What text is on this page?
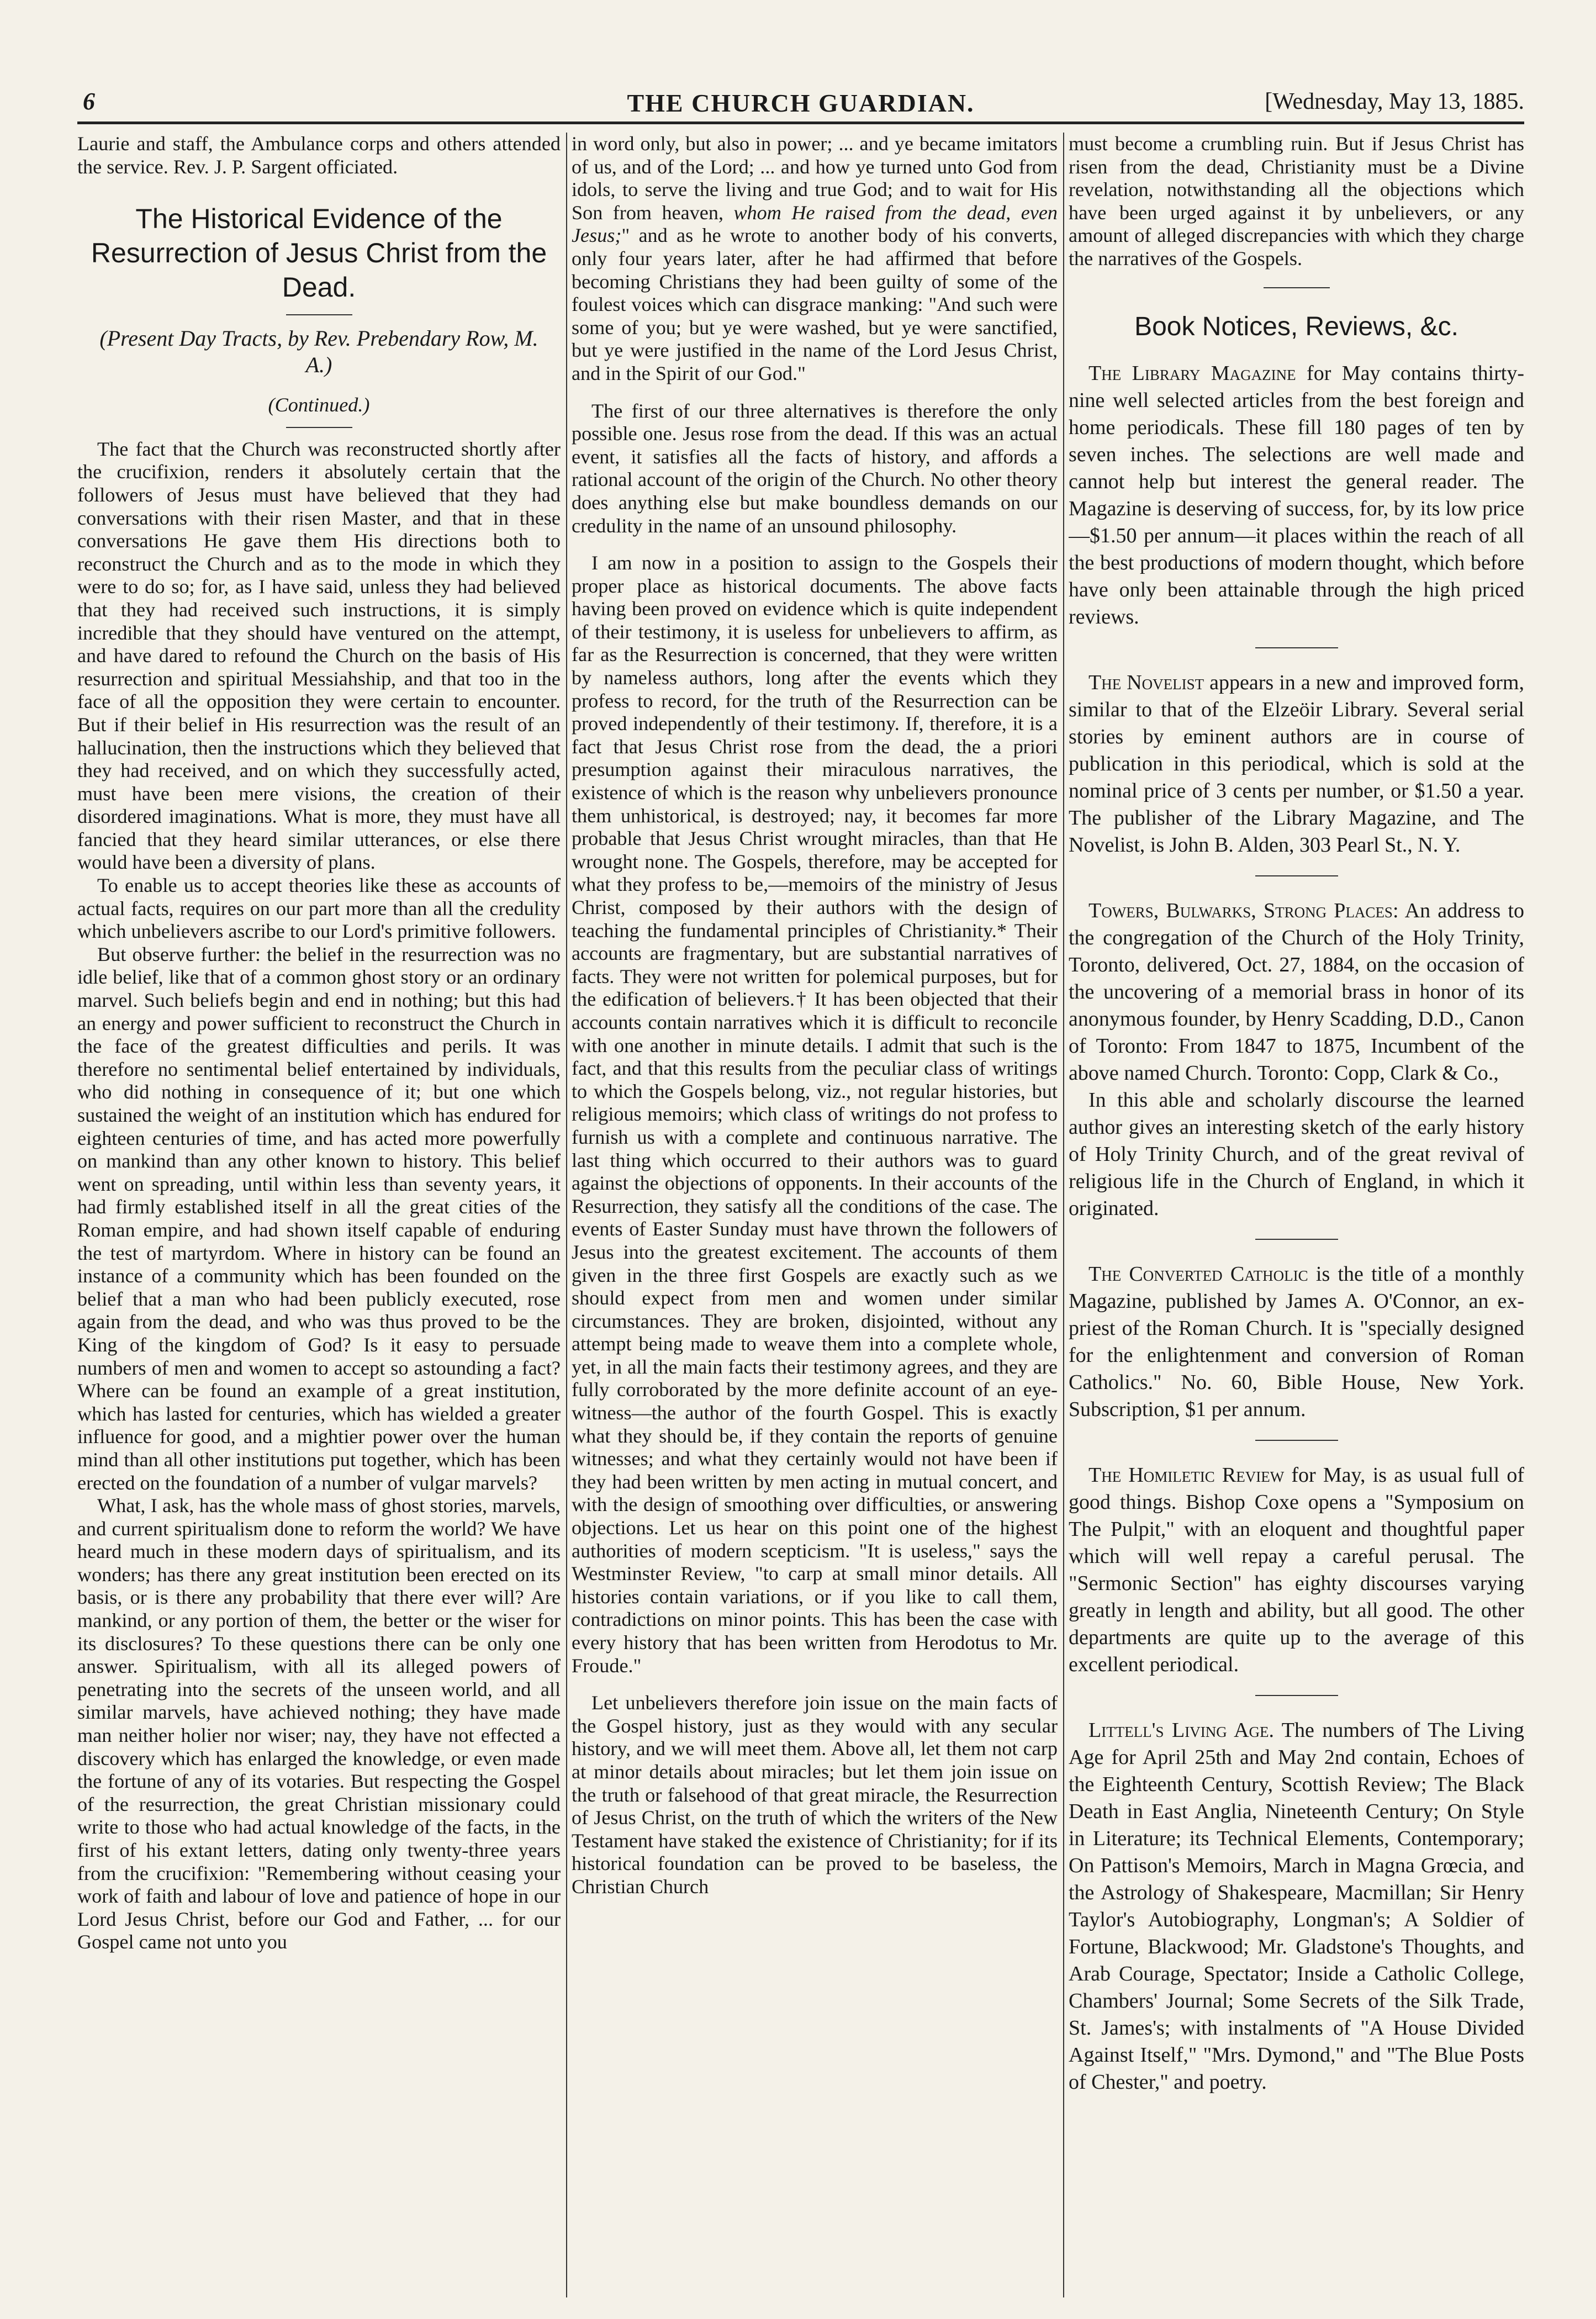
6	THE CHURCH GUARDIAN.	[Wednesday, May 13, 1885.

Laurie and staff, the Ambulance corps and others attended the service. Rev. J. P. Sargent officiated.

The Historical Evidence of the Resurrection of Jesus Christ from the Dead.
(Present Day Tracts, by Rev. Prebendary Row, M. A.)
(Continued.)

The fact that the Church was reconstructed shortly after the crucifixion, renders it absolutely certain that the followers of Jesus must have believed that they had conversations with their risen Master, and that in these conversations He gave them His directions both to reconstruct the Church and as to the mode in which they were to do so; for, as I have said, unless they had believed that they had received such instructions, it is simply incredible that they should have ventured on the attempt, and have dared to refound the Church on the basis of His resurrection and spiritual Messiahship, and that too in the face of all the opposition they were certain to encounter. But if their belief in His resurrection was the result of an hallucination, then the instructions which they believed that they had received, and on which they successfully acted, must have been mere visions, the creation of their disordered imaginations. What is more, they must have all fancied that they heard similar utterances, or else there would have been a diversity of plans.

To enable us to accept theories like these as accounts of actual facts, requires on our part more than all the credulity which unbelievers ascribe to our Lord's primitive followers.

But observe further: the belief in the resurrection was no idle belief, like that of a common ghost story or an ordinary marvel. Such beliefs begin and end in nothing; but this had an energy and power sufficient to reconstruct the Church in the face of the greatest difficulties and perils. It was therefore no sentimental belief entertained by individuals, who did nothing in consequence of it; but one which sustained the weight of an institution which has endured for eighteen centuries of time, and has acted more powerfully on mankind than any other known to history. This belief went on spreading, until within less than seventy years, it had firmly established itself in all the great cities of the Roman empire, and had shown itself capable of enduring the test of martyrdom. Where in history can be found an instance of a community which has been founded on the belief that a man who had been publicly executed, rose again from the dead, and who was thus proved to be the King of the kingdom of God? Is it easy to persuade numbers of men and women to accept so astounding a fact? Where can be found an example of a great institution, which has lasted for centuries, which has wielded a greater influence for good, and a mightier power over the human mind than all other institutions put together, which has been erected on the foundation of a number of vulgar marvels?

What, I ask, has the whole mass of ghost stories, marvels, and current spiritualism done to reform the world? We have heard much in these modern days of spiritualism, and its wonders; has there any great institution been erected on its basis, or is there any probability that there ever will? Are mankind, or any portion of them, the better or the wiser for its disclosures? To these questions there can be only one answer. Spiritualism, with all its alleged powers of penetrating into the secrets of the unseen world, and all similar marvels, have achieved nothing; they have made man neither holier nor wiser; nay, they have not effected a discovery which has enlarged the knowledge, or even made the fortune of any of its votaries. But respecting the Gospel of the resurrection, the great Christian missionary could write to those who had actual knowledge of the facts, in the first of his extant letters, dating only twenty-three years from the crucifixion: "Remembering without ceasing your work of faith and labour of love and patience of hope in our Lord Jesus Christ, before our God and Father, ... for our Gospel came not unto you

in word only, but also in power; ... and ye became imitators of us, and of the Lord; ... and how ye turned unto God from idols, to serve the living and true God; and to wait for His Son from heaven, whom He raised from the dead, even Jesus;" and as he wrote to another body of his converts, only four years later, after he had affirmed that before becoming Christians they had been guilty of some of the foulest voices which can disgrace manking: "And such were some of you; but ye were washed, but ye were sanctified, but ye were justified in the name of the Lord Jesus Christ, and in the Spirit of our God."

The first of our three alternatives is therefore the only possible one. Jesus rose from the dead. If this was an actual event, it satisfies all the facts of history, and affords a rational account of the origin of the Church. No other theory does anything else but make boundless demands on our credulity in the name of an unsound philosophy.

I am now in a position to assign to the Gospels their proper place as historical documents. The above facts having been proved on evidence which is quite independent of their testimony, it is useless for unbelievers to affirm, as far as the Resurrection is concerned, that they were written by nameless authors, long after the events which they profess to record, for the truth of the Resurrection can be proved independently of their testimony. If, therefore, it is a fact that Jesus Christ rose from the dead, the a priori presumption against their miraculous narratives, the existence of which is the reason why unbelievers pronounce them unhistorical, is destroyed; nay, it becomes far more probable that Jesus Christ wrought miracles, than that He wrought none. The Gospels, therefore, may be accepted for what they profess to be,—memoirs of the ministry of Jesus Christ, composed by their authors with the design of teaching the fundamental principles of Christianity.* Their accounts are fragmentary, but are substantial narratives of facts. They were not written for polemical purposes, but for the edification of believers.† It has been objected that their accounts contain narratives which it is difficult to reconcile with one another in minute details. I admit that such is the fact, and that this results from the peculiar class of writings to which the Gospels belong, viz., not regular histories, but religious memoirs; which class of writings do not profess to furnish us with a complete and continuous narrative. The last thing which occurred to their authors was to guard against the objections of opponents. In their accounts of the Resurrection, they satisfy all the conditions of the case. The events of Easter Sunday must have thrown the followers of Jesus into the greatest excitement. The accounts of them given in the three first Gospels are exactly such as we should expect from men and women under similar circumstances. They are broken, disjointed, without any attempt being made to weave them into a complete whole, yet, in all the main facts their testimony agrees, and they are fully corroborated by the more definite account of an eye-witness—the author of the fourth Gospel. This is exactly what they should be, if they contain the reports of genuine witnesses; and what they certainly would not have been if they had been written by men acting in mutual concert, and with the design of smoothing over difficulties, or answering objections. Let us hear on this point one of the highest authorities of modern scepticism. "It is useless," says the Westminster Review, "to carp at small minor details. All histories contain variations, or if you like to call them, contradictions on minor points. This has been the case with every history that has been written from Herodotus to Mr. Froude."

Let unbelievers therefore join issue on the main facts of the Gospel history, just as they would with any secular history, and we will meet them. Above all, let them not carp at minor details about miracles; but let them join issue on the truth or falsehood of that great miracle, the Resurrection of Jesus Christ, on the truth of which the writers of the New Testament have staked the existence of Christianity; for if its historical foundation can be proved to be baseless, the Christian Church

must become a crumbling ruin. But if Jesus Christ has risen from the dead, Christianity must be a Divine revelation, notwithstanding all the objections which have been urged against it by unbelievers, or any amount of alleged discrepancies with which they charge the narratives of the Gospels.

Book Notices, Reviews, &c.

The Library Magazine for May contains thirty-nine well selected articles from the best foreign and home periodicals. These fill 180 pages of ten by seven inches. The selections are well made and cannot help but interest the general reader. The Magazine is deserving of success, for, by its low price—$1.50 per annum—it places within the reach of all the best productions of modern thought, which before have only been attainable through the high priced reviews.

The Novelist appears in a new and improved form, similar to that of the Elzeöir Library. Several serial stories by eminent authors are in course of publication in this periodical, which is sold at the nominal price of 3 cents per number, or $1.50 a year. The publisher of the Library Magazine, and The Novelist, is John B. Alden, 303 Pearl St., N. Y.

Towers, Bulwarks, Strong Places: An address to the congregation of the Church of the Holy Trinity, Toronto, delivered, Oct. 27, 1884, on the occasion of the uncovering of a memorial brass in honor of its anonymous founder, by Henry Scadding, D.D., Canon of Toronto: From 1847 to 1875, Incumbent of the above named Church. Toronto: Copp, Clark & Co.,

In this able and scholarly discourse the learned author gives an interesting sketch of the early history of Holy Trinity Church, and of the great revival of religious life in the Church of England, in which it originated.

The Converted Catholic is the title of a monthly Magazine, published by James A. O'Connor, an ex-priest of the Roman Church. It is "specially designed for the enlightenment and conversion of Roman Catholics." No. 60, Bible House, New York. Subscription, $1 per annum.

The Homiletic Review for May, is as usual full of good things. Bishop Coxe opens a "Symposium on The Pulpit," with an eloquent and thoughtful paper which will well repay a careful perusal. The "Sermonic Section" has eighty discourses varying greatly in length and ability, but all good. The other departments are quite up to the average of this excellent periodical.

Littell's Living Age. The numbers of The Living Age for April 25th and May 2nd contain, Echoes of the Eighteenth Century, Scottish Review; The Black Death in East Anglia, Nineteenth Century; On Style in Literature; its Technical Elements, Contemporary; On Pattison's Memoirs, March in Magna Grœcia, and the Astrology of Shakespeare, Macmillan; Sir Henry Taylor's Autobiography, Longman's; A Soldier of Fortune, Blackwood; Mr. Gladstone's Thoughts, and Arab Courage, Spectator; Inside a Catholic College, Chambers' Journal; Some Secrets of the Silk Trade, St. James's; with instalments of "A House Divided Against Itself," "Mrs. Dymond," and "The Blue Posts of Chester," and poetry.
